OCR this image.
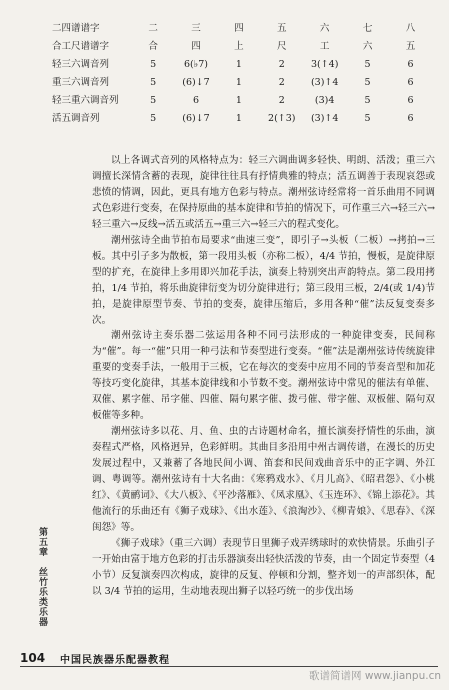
二四谱谱字	二	三	四	五	六	七	八
合工尺谱谱字	合	四	上	尺	工	六	五
轻三六调音列	5	6(♭7)	1	2	3(↑4)	5	6
重三六调音列	5	(6)↓7	1	2	(3)↑4	5	6
轻三重六调音列	5	6	1	2	(3)4	5	6
活五调音列	5	(6)↓7	1	2(↑3)	(3)↑4	5	6

以上各调式音列的风格特点为：轻三六调曲调多轻快、明朗、活泼；重三六调擅长深情含蓄的表现，旋律往往具有抒情典雅的特点；活五调善于表现哀怨或悲愤的情调，因此，更具有地方色彩与特点。潮州弦诗经常将一首乐曲用不同调式色彩进行变奏，在保持原曲的基本旋律和节拍的情况下，可作重三六→轻三六→轻三重六→反线→活五或活五→重三六→轻三六的程式变化。

潮州弦诗全曲节拍布局要求“曲速三变”，即引子→头板（二板）→拷拍→三板。其中引子多为散板，第一段用头板（亦称二板），4/4 节拍，慢板，是旋律原型的扩充，在旋律上多用即兴加花手法，演奏上特别突出声韵特点。第二段用拷拍，1/4 节拍，将乐曲旋律衍变为切分旋律进行；第三段用三板，2/4(或 1/4)节拍，是旋律原型节奏、节拍的变奏，旋律压缩后，多用各种“催”法反复变奏多次。

潮州弦诗主奏乐器二弦运用各种不同弓法形成的一种旋律变奏，民间称为“催”。每一“催”只用一种弓法和节奏型进行变奏。“催”法是潮州弦诗传统旋律重要的变奏手法，一般用于三板，它在每次的变奏中应用不同的节奏音型和加花等技巧变化旋律，其基本旋律线和小节数不变。潮州弦诗中常见的催法有单催、双催、累字催、吊字催、四催、隔句累字催、拨弓催、带字催、双板催、隔句双板催等多种。

潮州弦诗多以花、月、鱼、虫的古诗题材命名，擅长演奏抒情性的乐曲，演奏程式严格，风格迥异，色彩鲜明。其曲目多沿用中州古调传谱，在漫长的历史发展过程中，又兼蓄了各地民间小调、笛套和民间戏曲音乐中的正字调、外江调、粤调等。潮州弦诗有十大名曲：《寒鸦戏水》、《月儿高》、《昭君怨》、《小桃红》、《黄鹂词》、《大八板》、《平沙落雁》、《凤求凰》、《玉连环》、《锦上添花》。其他流行的乐曲还有《狮子戏球》、《出水莲》、《浪淘沙》、《柳青娘》、《思春》、《深闺怨》等。

《狮子戏球》（重三六调）表现节日里狮子戏弄绣球时的欢快情景。乐曲引子一开始由富于地方色彩的打击乐器演奏出轻快活泼的节奏，由一个固定节奏型（4 小节）反复演奏四次构成，旋律的反复、停顿和分割，整齐划一的声部织体，配以 3/4 节拍的运用，生动地表现出狮子以轻巧统一的步伐出场

第五章　丝竹乐类乐器
104 中国民族器乐配器教程
歌谱简谱网 www.jianpu.cn
